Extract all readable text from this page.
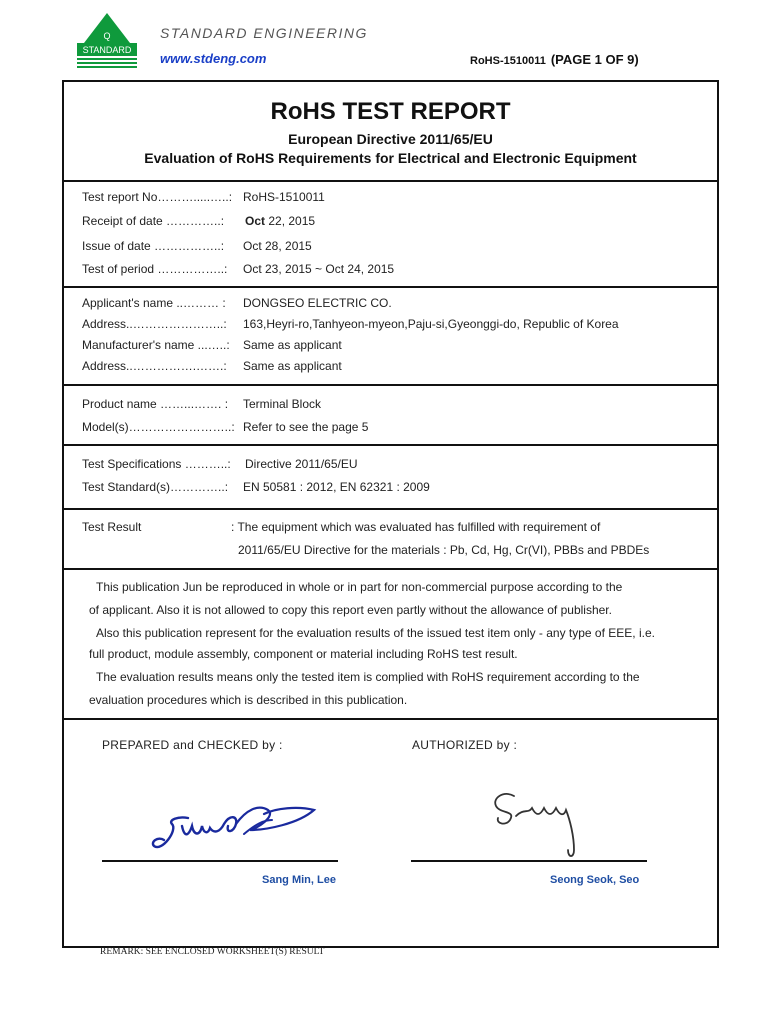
Q
STANDARD
STANDARD ENGINEERING
www.stdeng.com	RoHS-1510011 (PAGE 1 OF 9)
RoHS TEST REPORT
European Directive 2011/65/EU
Evaluation of RoHS Requirements for Electrical and Electronic Equipment
Test report No……….....…..: RoHS-1510011
Receipt of date …………..: Oct 22, 2015
Issue of date ……………..: Oct 28, 2015
Test of period ……………..: Oct 23, 2015 ~ Oct 24, 2015
Applicant's name ..……… : DONGSEO ELECTRIC CO.
Address..…………………..: 163,Heyri-ro,Tanhyeon-myeon,Paju-si,Gyeonggi-do, Republic of Korea
Manufacturer's name ...…..: Same as applicant
Address..…………….…….: Same as applicant
Product name ……...……. : Terminal Block
Model(s)……………………..: Refer to see the page 5
Test Specifications ………..: Directive 2011/65/EU
Test Standard(s)…………..: EN 50581 : 2012, EN 62321 : 2009
Test Result	: The equipment which was evaluated has fulfilled with requirement of
2011/65/EU Directive for the materials : Pb, Cd, Hg, Cr(VI), PBBs and PBDEs
This publication Jun be reproduced in whole or in part for non-commercial purpose according to the
of applicant. Also it is not allowed to copy this report even partly without the allowance of publisher.
Also this publication represent for the evaluation results of the issued test item only - any type of EEE, i.e.
full product, module assembly, component or material including RoHS test result.
The evaluation results means only the tested item is complied with RoHS requirement according to the
evaluation procedures which is described in this publication.
PREPARED and CHECKED by :	AUTHORIZED by :
Sang Min, Lee	Seong Seok, Seo
REMARK: SEE ENCLOSED WORKSHEET(S) RESULT
